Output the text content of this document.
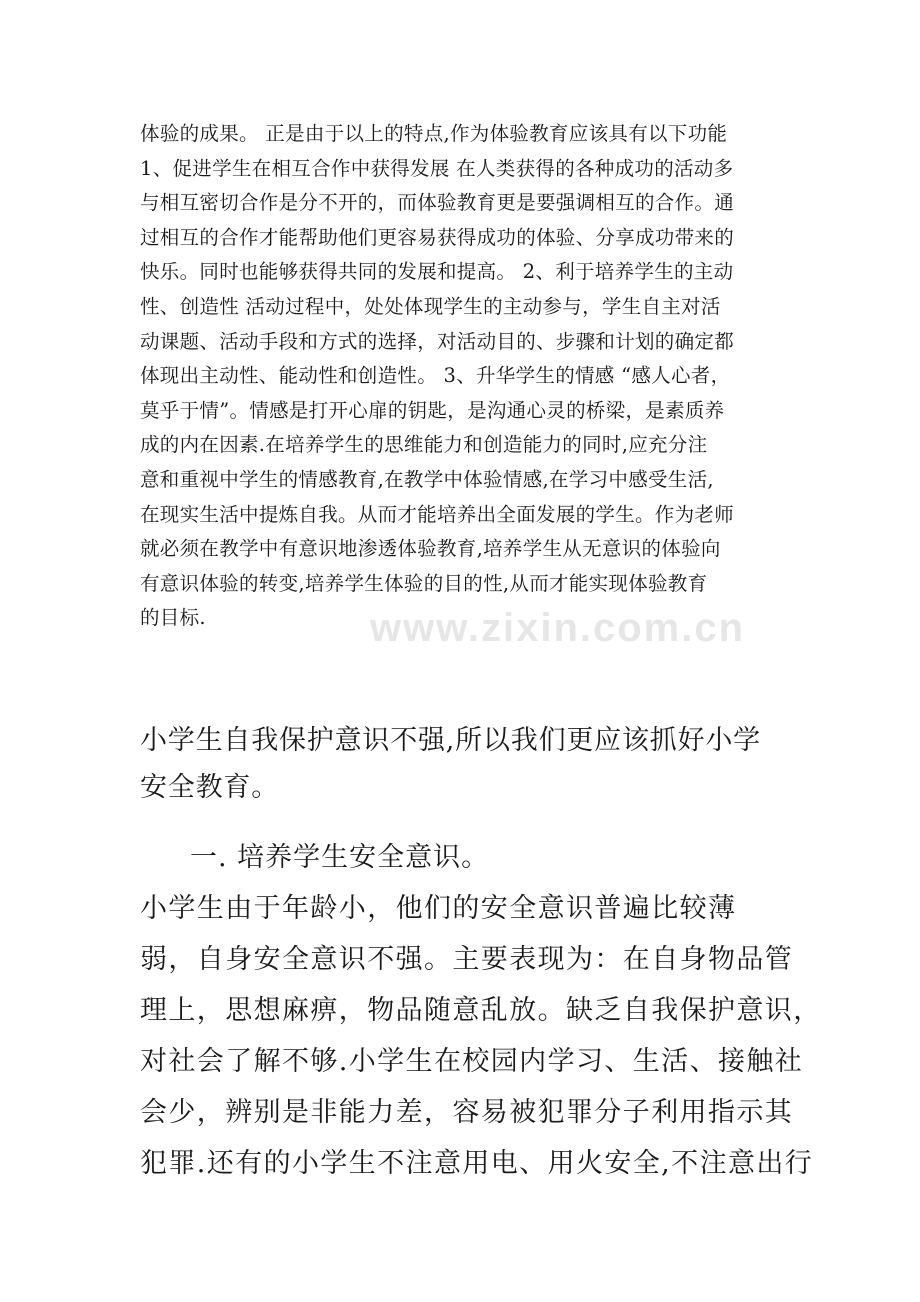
体验的成果。 正是由于以上的特点,作为体验教育应该具有以下功能
1、促进学生在相互合作中获得发展 在人类获得的各种成功的活动多
与相互密切合作是分不开的，而体验教育更是要强调相互的合作。通
过相互的合作才能帮助他们更容易获得成功的体验、分享成功带来的
快乐。同时也能够获得共同的发展和提高。 2、利于培养学生的主动
性、创造性 活动过程中，处处体现学生的主动参与，学生自主对活
动课题、活动手段和方式的选择，对活动目的、步骤和计划的确定都
体现出主动性、能动性和创造性。 3、升华学生的情感 “感人心者，
莫乎于情”。情感是打开心扉的钥匙，是沟通心灵的桥梁，是素质养
成的内在因素.在培养学生的思维能力和创造能力的同时,应充分注
意和重视中学生的情感教育,在教学中体验情感,在学习中感受生活,
在现实生活中提炼自我。从而才能培养出全面发展的学生。作为老师
就必须在教学中有意识地渗透体验教育,培养学生从无意识的体验向
有意识体验的转变,培养学生体验的目的性,从而才能实现体验教育
的目标.	www.zixin.com.cn
小学生自我保护意识不强,所以我们更应该抓好小学
安全教育。
一. 培养学生安全意识。
小学生由于年龄小，他们的安全意识普遍比较薄
弱，自身安全意识不强。主要表现为：在自身物品管
理上，思想麻痹，物品随意乱放。缺乏自我保护意识，
对社会了解不够.小学生在校园内学习、生活、接触社
会少，辨别是非能力差，容易被犯罪分子利用指示其
犯罪.还有的小学生不注意用电、用火安全,不注意出行
